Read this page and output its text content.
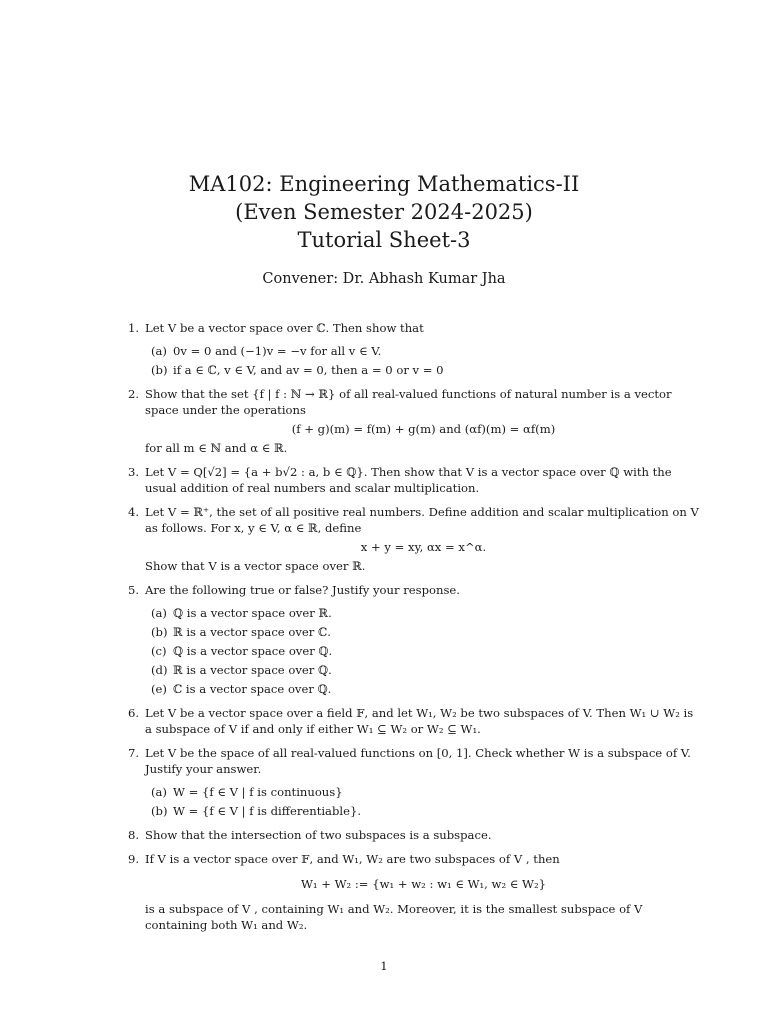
MA102: Engineering Mathematics-II

(Even Semester 2024-2025)

Tutorial Sheet-3

Convener: Dr. Abhash Kumar Jha
1. Let V be a vector space over ℂ. Then show that
(a) 0v = 0 and (−1)v = −v for all v ∈ V.
(b) if a ∈ ℂ, v ∈ V, and av = 0, then a = 0 or v = 0
2. Show that the set {f | f : ℕ → ℝ} of all real-valued functions of natural number is a vector space under the operations
(f + g)(m) = f(m) + g(m) and (αf)(m) = αf(m)
for all m ∈ ℕ and α ∈ ℝ.
3. Let V = Q[√2] = {a + b√2 : a, b ∈ ℚ}. Then show that V is a vector space over ℚ with the usual addition of real numbers and scalar multiplication.
4. Let V = ℝ⁺, the set of all positive real numbers. Define addition and scalar multiplication on V as follows. For x, y ∈ V, α ∈ ℝ, define
x + y = xy, αx = x^α.
Show that V is a vector space over ℝ.
5. Are the following true or false? Justify your response.
(a) ℚ is a vector space over ℝ.
(b) ℝ is a vector space over ℂ.
(c) ℚ is a vector space over ℚ.
(d) ℝ is a vector space over ℚ.
(e) ℂ is a vector space over ℚ.
6. Let V be a vector space over a field 𝔽, and let W₁, W₂ be two subspaces of V. Then W₁ ∪ W₂ is a subspace of V if and only if either W₁ ⊆ W₂ or W₂ ⊆ W₁.
7. Let V be the space of all real-valued functions on [0, 1]. Check whether W is a subspace of V. Justify your answer.
(a) W = {f ∈ V | f is continuous}
(b) W = {f ∈ V | f is differentiable}.
8. Show that the intersection of two subspaces is a subspace.
9. If V is a vector space over 𝔽, and W₁, W₂ are two subspaces of V , then
W₁ + W₂ := {w₁ + w₂ : w₁ ∈ W₁, w₂ ∈ W₂}
is a subspace of V , containing W₁ and W₂. Moreover, it is the smallest subspace of V containing both W₁ and W₂.
1
